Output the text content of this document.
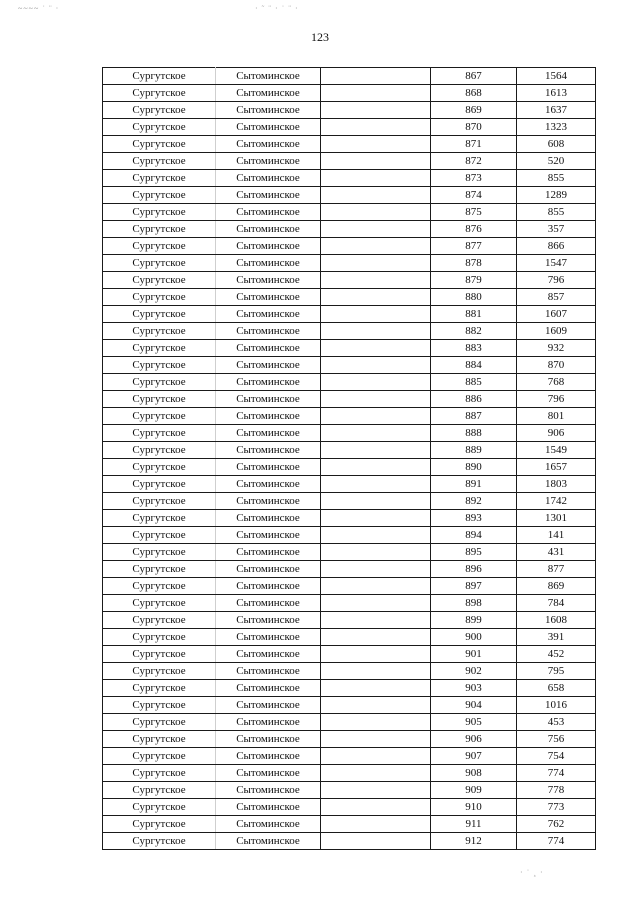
~~~~ ˙ ¨ ·	· ˜ ¨ · ˙ ¨ ·
123
Сургутское	Сытоминское		867	1564
Сургутское	Сытоминское		868	1613
Сургутское	Сытоминское		869	1637
Сургутское	Сытоминское		870	1323
Сургутское	Сытоминское		871	608
Сургутское	Сытоминское		872	520
Сургутское	Сытоминское		873	855
Сургутское	Сытоминское		874	1289
Сургутское	Сытоминское		875	855
Сургутское	Сытоминское		876	357
Сургутское	Сытоминское		877	866
Сургутское	Сытоминское		878	1547
Сургутское	Сытоминское		879	796
Сургутское	Сытоминское		880	857
Сургутское	Сытоминское		881	1607
Сургутское	Сытоминское		882	1609
Сургутское	Сытоминское		883	932
Сургутское	Сытоминское		884	870
Сургутское	Сытоминское		885	768
Сургутское	Сытоминское		886	796
Сургутское	Сытоминское		887	801
Сургутское	Сытоминское		888	906
Сургутское	Сытоминское		889	1549
Сургутское	Сытоминское		890	1657
Сургутское	Сытоминское		891	1803
Сургутское	Сытоминское		892	1742
Сургутское	Сытоминское		893	1301
Сургутское	Сытоминское		894	141
Сургутское	Сытоминское		895	431
Сургутское	Сытоминское		896	877
Сургутское	Сытоминское		897	869
Сургутское	Сытоминское		898	784
Сургутское	Сытоминское		899	1608
Сургутское	Сытоминское		900	391
Сургутское	Сытоминское		901	452
Сургутское	Сытоминское		902	795
Сургутское	Сытоминское		903	658
Сургутское	Сытоминское		904	1016
Сургутское	Сытоминское		905	453
Сургутское	Сытоминское		906	756
Сургутское	Сытоминское		907	754
Сургутское	Сытоминское		908	774
Сургутское	Сытоминское		909	778
Сургутское	Сытоминское		910	773
Сургутское	Сытоминское		911	762
Сургутское	Сытоминское		912	774
· ˙ ¸ ·
